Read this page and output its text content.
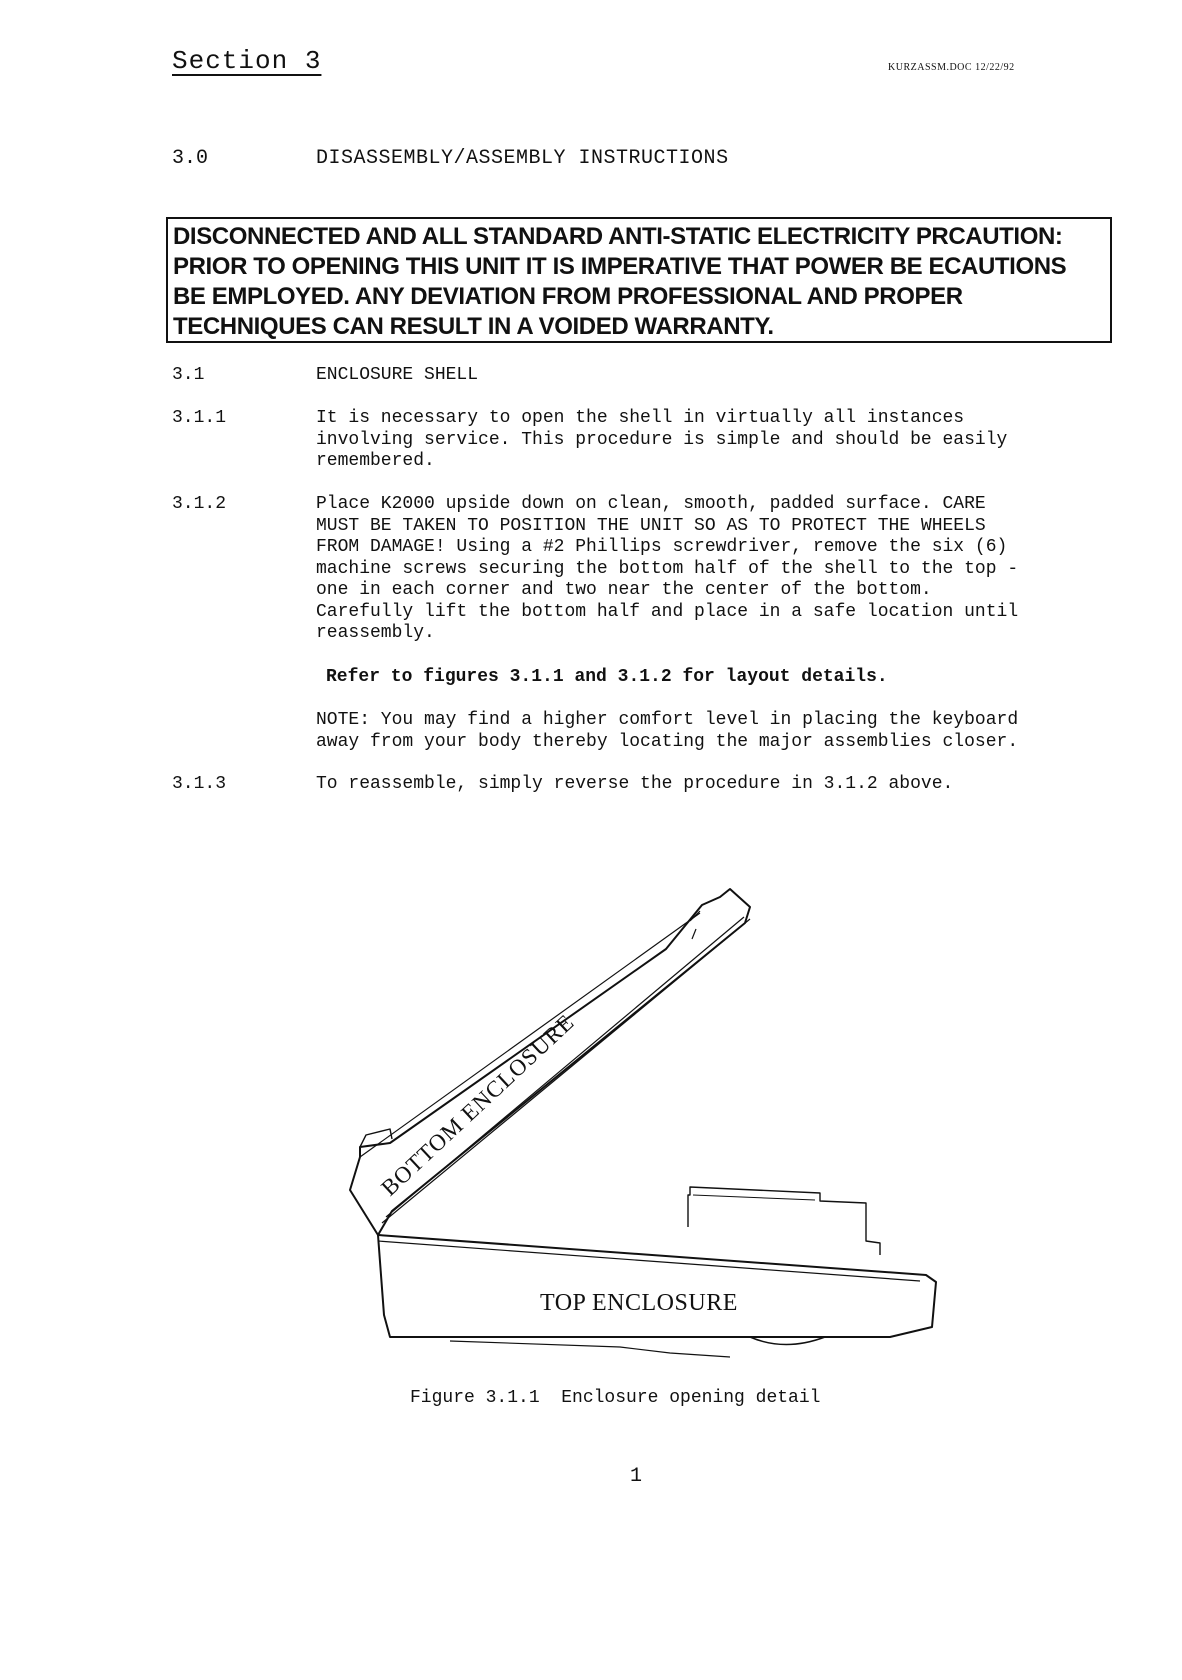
Section 3	KURZASSM.DOC 12/22/92
3.0	DISASSEMBLY/ASSEMBLY INSTRUCTIONS

DISCONNECTED AND ALL STANDARD ANTI-STATIC ELECTRICITY PRCAUTION:

PRIOR TO OPENING THIS UNIT IT IS IMPERATIVE THAT POWER BE ECAUTIONS

BE EMPLOYED. ANY DEVIATION FROM PROFESSIONAL AND PROPER

TECHNIQUES CAN RESULT IN A VOIDED WARRANTY.

3.1	ENCLOSURE SHELL
3.1.1	It is necessary to open the shell in virtually all instances
involving service. This procedure is simple and should be easily
remembered.
3.1.2	Place K2000 upside down on clean, smooth, padded surface. CARE
MUST BE TAKEN TO POSITION THE UNIT SO AS TO PROTECT THE WHEELS
FROM DAMAGE! Using a #2 Phillips screwdriver, remove the six (6)
machine screws securing the bottom half of the shell to the top -
one in each corner and two near the center of the bottom.
Carefully lift the bottom half and place in a safe location until
reassembly.
Refer to figures 3.1.1 and 3.1.2 for layout details.
NOTE: You may find a higher comfort level in placing the keyboard
away from your body thereby locating the major assemblies closer.
3.1.3	To reassemble, simply reverse the procedure in 3.1.2 above.
BOTTOM ENCLOSURE
TOP ENCLOSURE
Figure 3.1.1  Enclosure opening detail
1
